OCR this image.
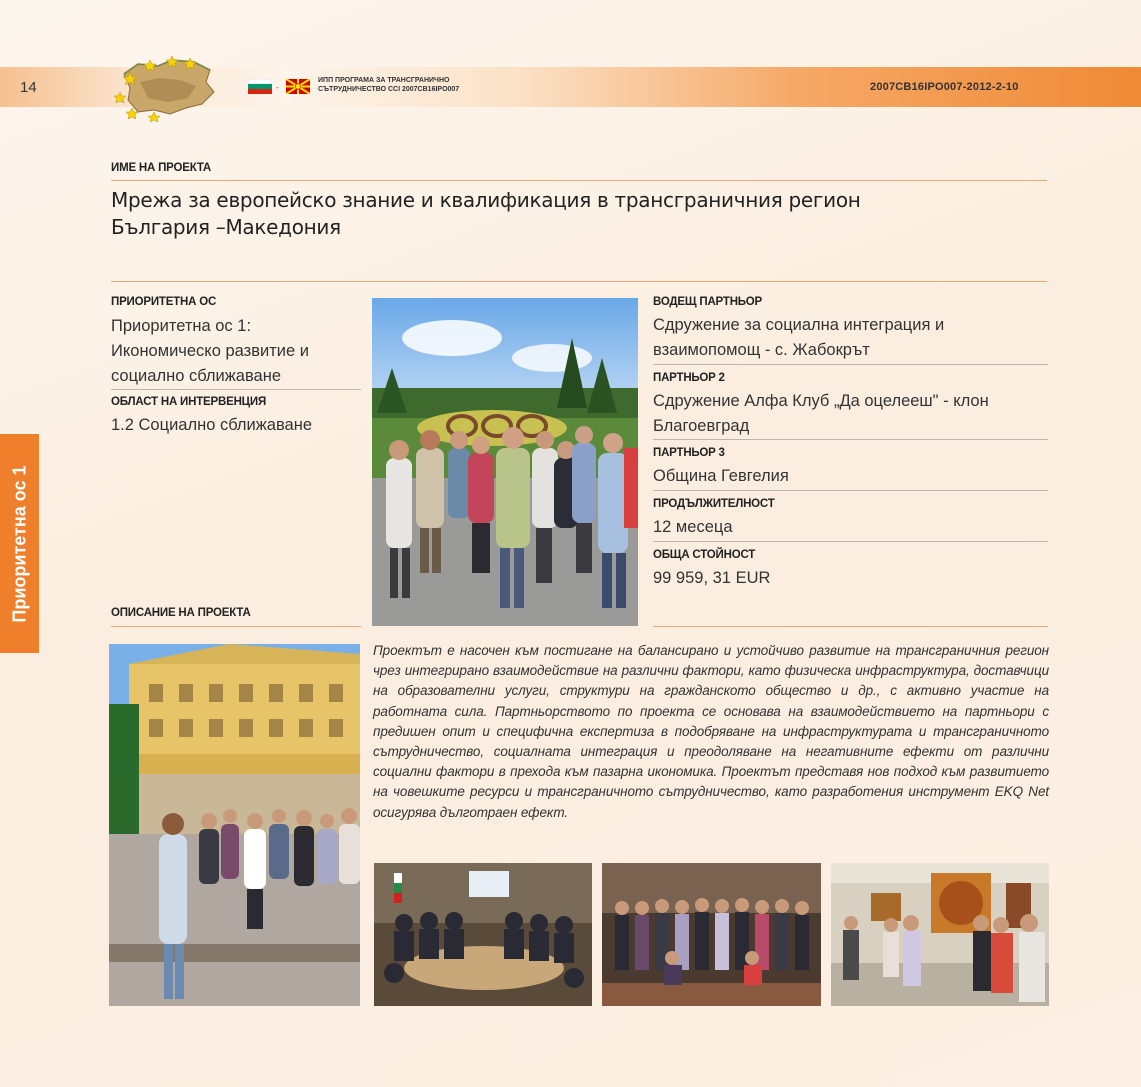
14	-
ИПП ПРОГРАМА ЗА ТРАНСГРАНИЧНО
СЪТРУДНИЧЕСТВО CCI 2007CB16IPO007	2007CB16IPO007-2012-2-10
ИМЕ НА ПРОЕКТА
Мрежа за европейско знание и квалификация в трансграничния регион
България –Македония
ПРИОРИТЕТНА ОС
Приоритетна ос 1:
Икономическо развитие и
социално сближаване
ОБЛАСТ НА ИНТЕРВЕНЦИЯ
1.2 Социално сближаване
ВОДЕЩ ПАРТНЬОР
Сдружение за социална интеграция и
взаимопомощ - с. Жабокрът
ПАРТНЬОР 2
Сдружение Алфа Клуб „Да оцелееш" - клон
Благоевград
ПАРТНЬОР 3
Община Гевгелия
ПРОДЪЛЖИТЕЛНОСТ
12 месеца
ОБЩА СТОЙНОСТ
99 959, 31 EUR
ОПИСАНИЕ НА ПРОЕКТА
Проектът е насочен към постигане на балансирано и устойчиво развитие на трансграничния регион чрез интегрирано взаимодействие на различни фактори, като физическа инфраструктура, доставчици на образователни услуги, структури на гражданското общество и др., с активно участие на работната сила. Партньорството по проекта се основава на взаимодействието на партньори с предишен опит и специфична експертиза в подобряване на инфраструктурата и трансграничното сътрудничество, социалната интеграция и преодоляване на негативните ефекти от различни социални фактори в прехода към пазарна икономика. Проектът представя нов подход към развитието на човешките ресурси и трансграничното сътрудничество, като разработения инструмент EKQ Net осигурява дълготраен ефект.
Приоритетна ос 1
